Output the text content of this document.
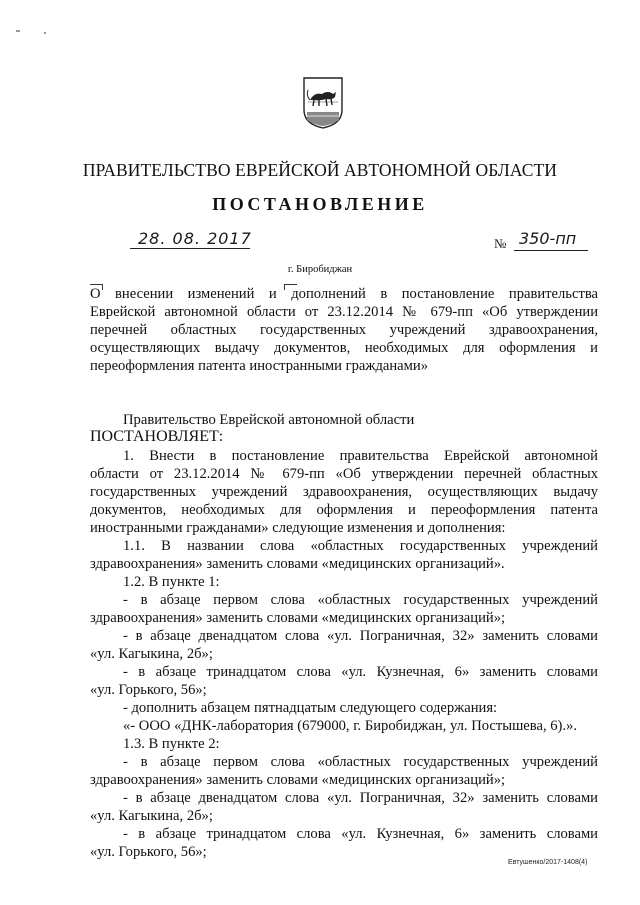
ПРАВИТЕЛЬСТВО ЕВРЕЙСКОЙ АВТОНОМНОЙ ОБЛАСТИ
ПОСТАНОВЛЕНИЕ
28. 08. 2017	№ 350-пп
г. Биробиджан
О внесении изменений и дополнений в постановление правительства
Еврейской автономной области от 23.12.2014 № 679-пп «Об утверждении
перечней областных государственных учреждений здравоохранения,
осуществляющих выдачу документов, необходимых для оформления и
переоформления патента иностранными гражданами»
Правительство Еврейской автономной области
ПОСТАНОВЛЯЕТ:
1. Внести в постановление правительства Еврейской автономной
области от 23.12.2014 № 679-пп «Об утверждении перечней областных
государственных учреждений здравоохранения, осуществляющих выдачу
документов, необходимых для оформления и переоформления патента
иностранными гражданами» следующие изменения и дополнения:
1.1. В названии слова «областных государственных учреждений
здравоохранения» заменить словами «медицинских организаций».
1.2. В пункте 1:
- в абзаце первом слова «областных государственных учреждений
здравоохранения» заменить словами «медицинских организаций»;
- в абзаце двенадцатом слова «ул. Пограничная, 32» заменить словами
«ул. Кагыкина, 2б»;
- в абзаце тринадцатом слова «ул. Кузнечная, 6» заменить словами
«ул. Горького, 56»;
- дополнить абзацем пятнадцатым следующего содержания:
«- ООО «ДНК-лаборатория (679000, г. Биробиджан, ул. Постышева, 6).».
1.3. В пункте 2:
- в абзаце первом слова «областных государственных учреждений
здравоохранения» заменить словами «медицинских организаций»;
- в абзаце двенадцатом слова «ул. Пограничная, 32» заменить словами
«ул. Кагыкина, 2б»;
- в абзаце тринадцатом слова «ул. Кузнечная, 6» заменить словами
«ул. Горького, 56»;
Евтушенко/2017-1408(4)
